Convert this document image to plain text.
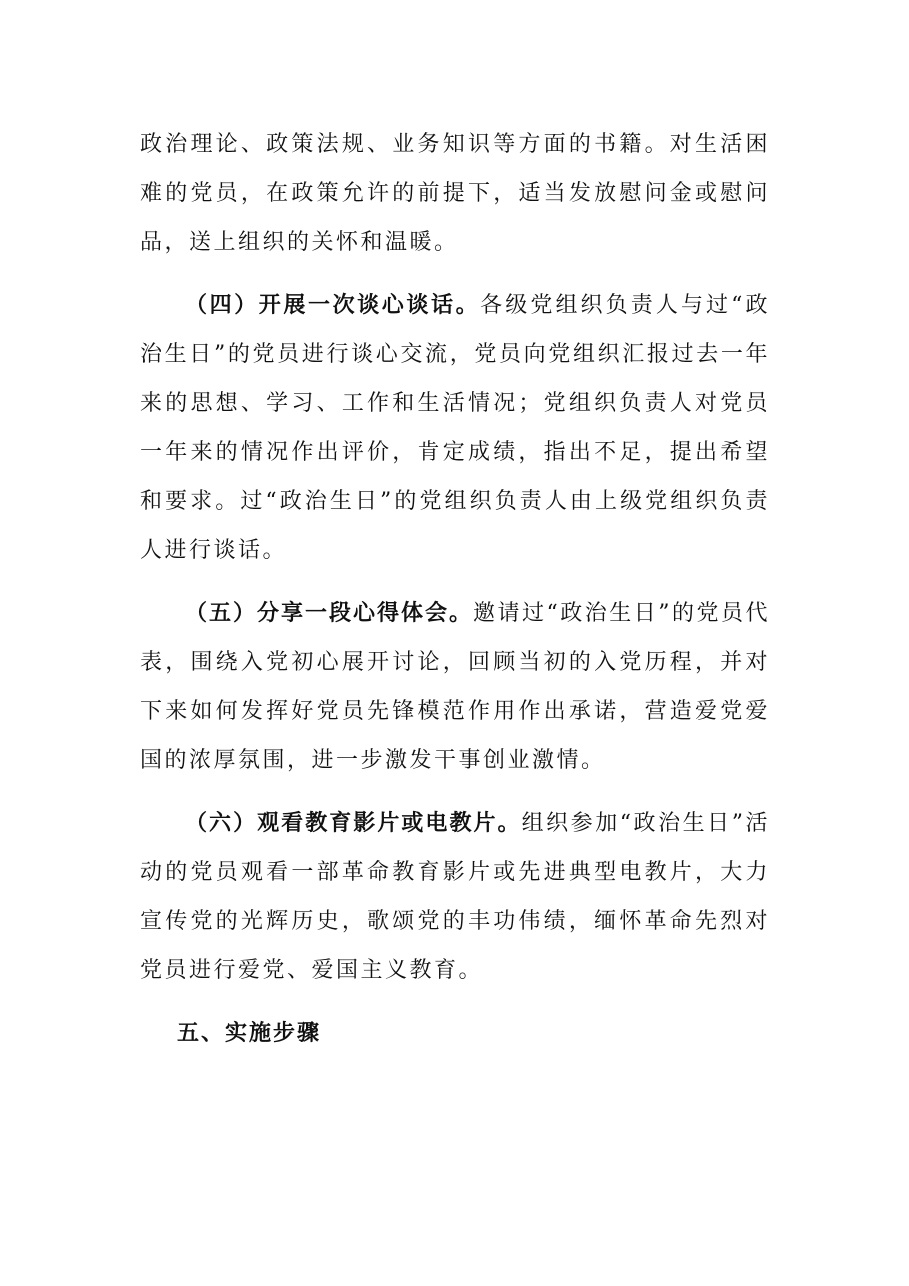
政治理论、政策法规、业务知识等方面的书籍。对生活困难的党员，在政策允许的前提下，适当发放慰问金或慰问品，送上组织的关怀和温暖。

（四）开展一次谈心谈话。各级党组织负责人与过“政治生日”的党员进行谈心交流，党员向党组织汇报过去一年来的思想、学习、工作和生活情况；党组织负责人对党员一年来的情况作出评价，肯定成绩，指出不足，提出希望和要求。过“政治生日”的党组织负责人由上级党组织负责人进行谈话。

（五）分享一段心得体会。邀请过“政治生日”的党员代表，围绕入党初心展开讨论，回顾当初的入党历程，并对下来如何发挥好党员先锋模范作用作出承诺，营造爱党爱国的浓厚氛围，进一步激发干事创业激情。

（六）观看教育影片或电教片。组织参加“政治生日”活动的党员观看一部革命教育影片或先进典型电教片，大力宣传党的光辉历史，歌颂党的丰功伟绩，缅怀革命先烈对党员进行爱党、爱国主义教育。

五、实施步骤
